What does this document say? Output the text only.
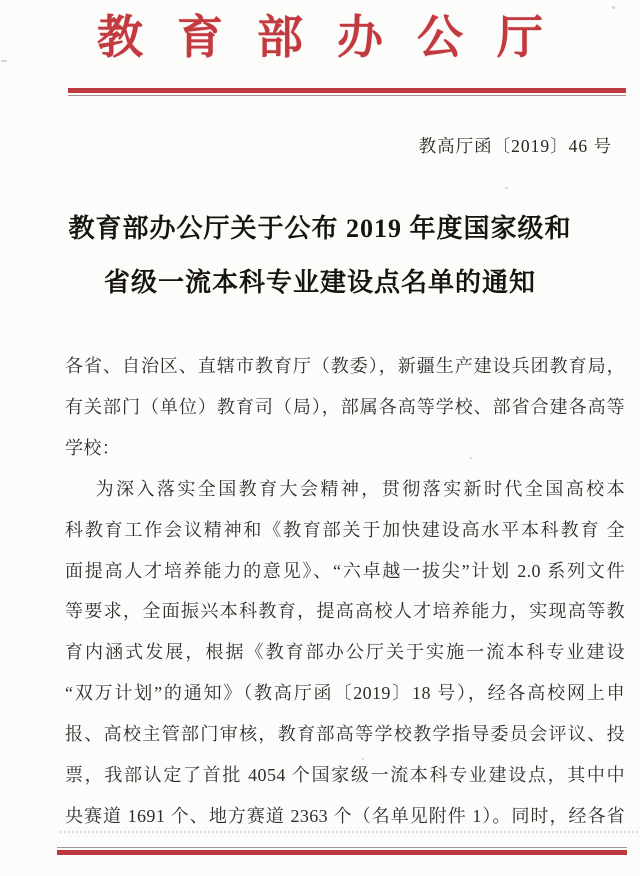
教育部办公厅
教高厅函〔2019〕46 号
教育部办公厅关于公布 2019 年度国家级和
省级一流本科专业建设点名单的通知
各省、自治区、直辖市教育厅（教委），新疆生产建设兵团教育局，
有关部门（单位）教育司（局），部属各高等学校、部省合建各高等
学校：
为深入落实全国教育大会精神，贯彻落实新时代全国高校本
科教育工作会议精神和《教育部关于加快建设高水平本科教育 全
面提高人才培养能力的意见》、“六卓越一拔尖”计划 2.0 系列文件
等要求，全面振兴本科教育，提高高校人才培养能力，实现高等教
育内涵式发展，根据《教育部办公厅关于实施一流本科专业建设
“双万计划”的通知》（教高厅函〔2019〕18 号），经各高校网上申
报、高校主管部门审核，教育部高等学校教学指导委员会评议、投
票，我部认定了首批 4054 个国家级一流本科专业建设点，其中中
央赛道 1691 个、地方赛道 2363 个（名单见附件 1）。同时，经各省
